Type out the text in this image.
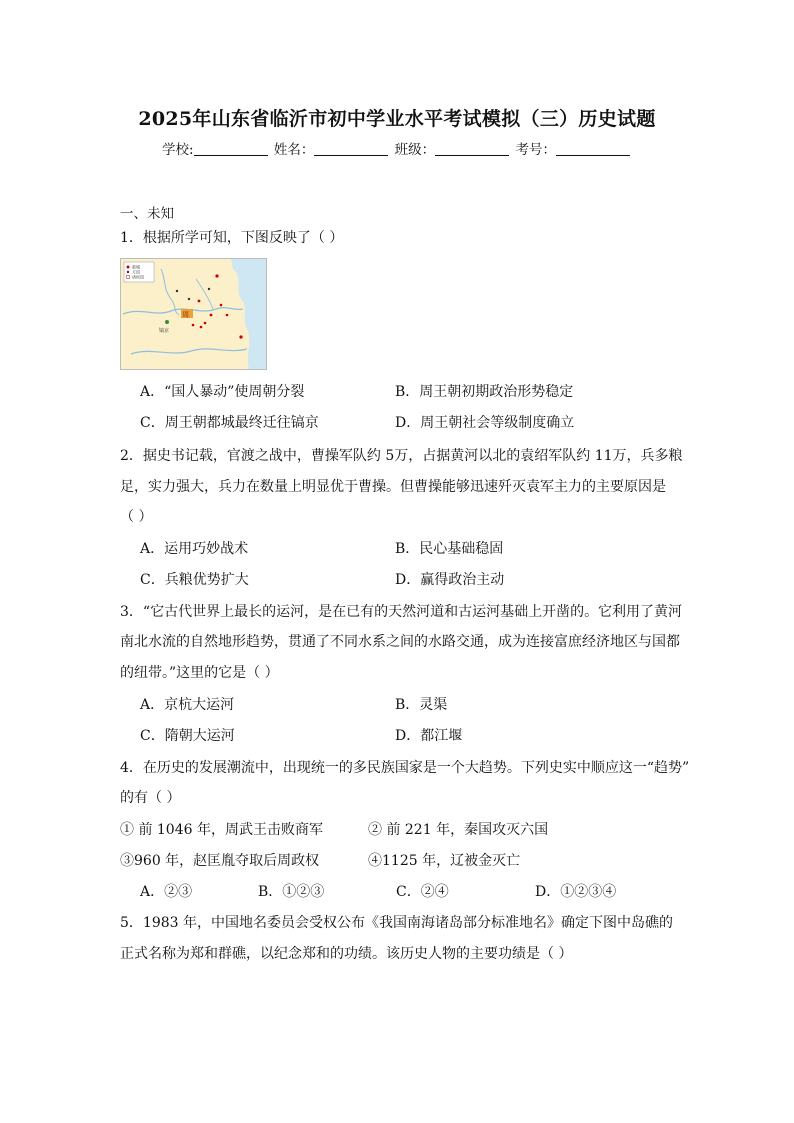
2025年山东省临沂市初中学业水平考试模拟（三）历史试题
学校:	姓名：	班级：	考号：
一、未知
1．根据所学可知，下图反映了（ ）
都城
方国
诸侯国
周
镐京
A．“国人暴动”使周朝分裂	B．周王朝初期政治形势稳定
C．周王朝都城最终迁往镐京	D．周王朝社会等级制度确立
2．据史书记载，官渡之战中，曹操军队约 5万，占据黄河以北的袁绍军队约 11万，兵多粮
足，实力强大，兵力在数量上明显优于曹操。但曹操能够迅速歼灭袁军主力的主要原因是
（ ）
A．运用巧妙战术	B．民心基础稳固
C．兵粮优势扩大	D．赢得政治主动
3．“它古代世界上最长的运河，是在已有的天然河道和古运河基础上开凿的。它利用了黄河
南北水流的自然地形趋势，贯通了不同水系之间的水路交通，成为连接富庶经济地区与国都
的纽带。”这里的它是（ ）
A．京杭大运河	B．灵渠
C．隋朝大运河	D．都江堰
4．在历史的发展潮流中，出现统一的多民族国家是一个大趋势。下列史实中顺应这一“趋势”
的有（ ）
① 前 1046 年，周武王击败商军	② 前 221 年，秦国攻灭六国
③960 年，赵匡胤夺取后周政权	④1125 年，辽被金灭亡
A．②③	B．①②③	C．②④	D．①②③④
5．1983 年，中国地名委员会受权公布《我国南海诸岛部分标准地名》确定下图中岛礁的
正式名称为郑和群礁，以纪念郑和的功绩。该历史人物的主要功绩是（ ）
